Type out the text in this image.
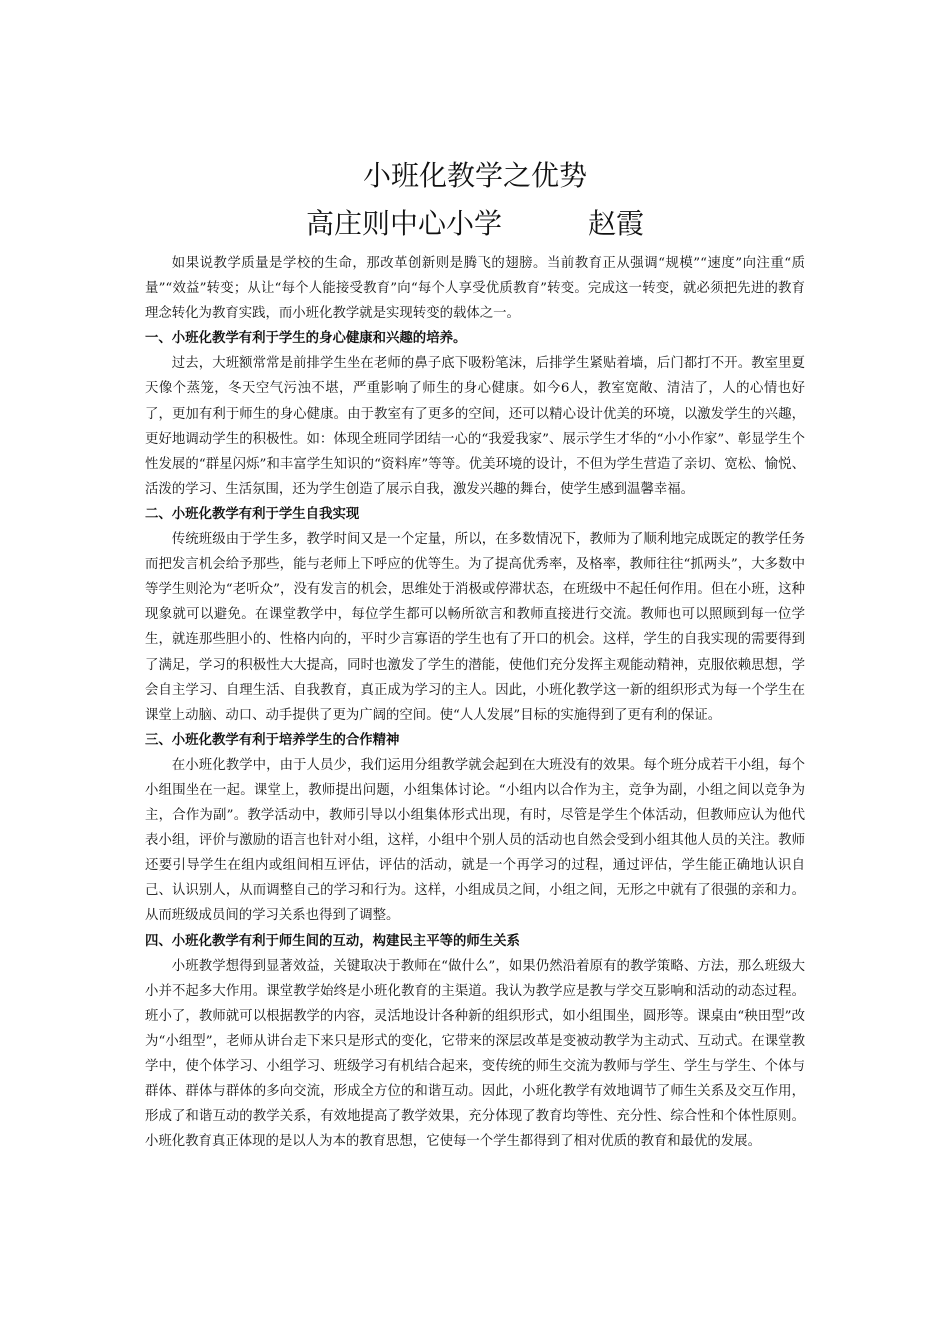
小班化教学之优势
高庄则中心小学	赵霞

如果说教学质量是学校的生命，那改革创新则是腾飞的翅膀。当前教育正从强调“规模”“速度”向注重“质量”“效益”转变；从让“每个人能接受教育”向“每个人享受优质教育”转变。完成这一转变，就必须把先进的教育理念转化为教育实践，而小班化教学就是实现转变的载体之一。

一、小班化教学有利于学生的身心健康和兴趣的培养。

过去，大班额常常是前排学生坐在老师的鼻子底下吸粉笔沫，后排学生紧贴着墙，后门都打不开。教室里夏天像个蒸笼，冬天空气污浊不堪，严重影响了师生的身心健康。如今6人，教室宽敞、清洁了，人的心情也好了，更加有利于师生的身心健康。由于教室有了更多的空间，还可以精心设计优美的环境，以激发学生的兴趣，更好地调动学生的积极性。如：体现全班同学团结一心的“我爱我家”、展示学生才华的“小小作家”、彰显学生个性发展的“群星闪烁”和丰富学生知识的“资料库”等等。优美环境的设计，不但为学生营造了亲切、宽松、愉悦、活泼的学习、生活氛围，还为学生创造了展示自我，激发兴趣的舞台，使学生感到温馨幸福。

二、小班化教学有利于学生自我实现

传统班级由于学生多，教学时间又是一个定量，所以，在多数情况下，教师为了顺利地完成既定的教学任务而把发言机会给予那些，能与老师上下呼应的优等生。为了提高优秀率，及格率，教师往往“抓两头”，大多数中等学生则沦为“老听众”，没有发言的机会，思维处于消极或停滞状态，在班级中不起任何作用。但在小班，这种现象就可以避免。在课堂教学中，每位学生都可以畅所欲言和教师直接进行交流。教师也可以照顾到每一位学生，就连那些胆小的、性格内向的，平时少言寡语的学生也有了开口的机会。这样，学生的自我实现的需要得到了满足，学习的积极性大大提高，同时也激发了学生的潜能，使他们充分发挥主观能动精神，克服依赖思想，学会自主学习、自理生活、自我教育，真正成为学习的主人。因此，小班化教学这一新的组织形式为每一个学生在课堂上动脑、动口、动手提供了更为广阔的空间。使“人人发展”目标的实施得到了更有利的保证。

三、小班化教学有利于培养学生的合作精神

在小班化教学中，由于人员少，我们运用分组教学就会起到在大班没有的效果。每个班分成若干小组，每个小组围坐在一起。课堂上，教师提出问题，小组集体讨论。“小组内以合作为主，竞争为副，小组之间以竞争为主，合作为副”。教学活动中，教师引导以小组集体形式出现，有时，尽管是学生个体活动，但教师应认为他代表小组，评价与激励的语言也针对小组，这样，小组中个别人员的活动也自然会受到小组其他人员的关注。教师还要引导学生在组内或组间相互评估，评估的活动，就是一个再学习的过程，通过评估，学生能正确地认识自己、认识别人，从而调整自己的学习和行为。这样，小组成员之间，小组之间，无形之中就有了很强的亲和力。从而班级成员间的学习关系也得到了调整。

四、小班化教学有利于师生间的互动，构建民主平等的师生关系

小班教学想得到显著效益，关键取决于教师在“做什么”，如果仍然沿着原有的教学策略、方法，那么班级大小并不起多大作用。课堂教学始终是小班化教育的主渠道。我认为教学应是教与学交互影响和活动的动态过程。班小了，教师就可以根据教学的内容，灵活地设计各种新的组织形式，如小组围坐，圆形等。课桌由“秧田型”改为“小组型”，老师从讲台走下来只是形式的变化，它带来的深层改革是变被动教学为主动式、互动式。在课堂教学中，使个体学习、小组学习、班级学习有机结合起来，变传统的师生交流为教师与学生、学生与学生、个体与群体、群体与群体的多向交流，形成全方位的和谐互动。因此，小班化教学有效地调节了师生关系及交互作用，形成了和谐互动的教学关系，有效地提高了教学效果，充分体现了教育均等性、充分性、综合性和个体性原则。小班化教育真正体现的是以人为本的教育思想，它使每一个学生都得到了相对优质的教育和最优的发展。
